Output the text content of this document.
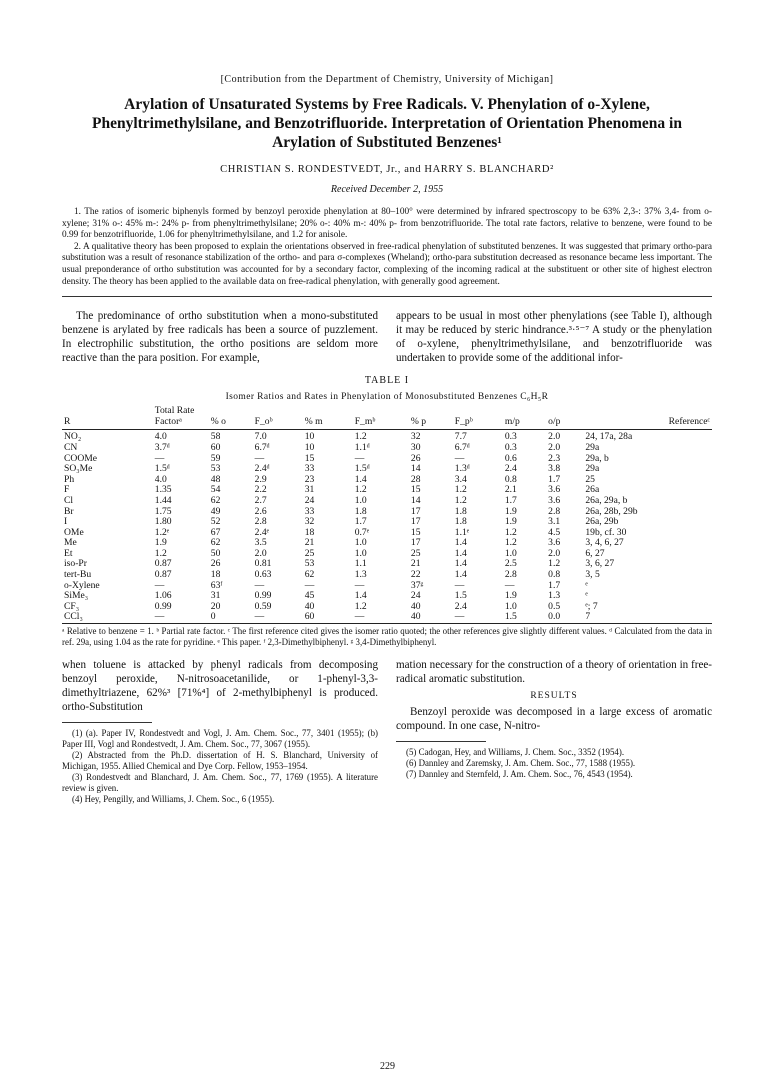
[Contribution from the Department of Chemistry, University of Michigan]
Arylation of Unsaturated Systems by Free Radicals. V. Phenylation of o-Xylene, Phenyltrimethylsilane, and Benzotrifluoride. Interpretation of Orientation Phenomena in Arylation of Substituted Benzenes¹
CHRISTIAN S. RONDESTVEDT, Jr., and HARRY S. BLANCHARD²
Received December 2, 1955

1. The ratios of isomeric biphenyls formed by benzoyl peroxide phenylation at 80–100° were determined by infrared spectroscopy to be 63% 2,3-: 37% 3,4- from o-xylene; 31% o-: 45% m-: 24% p- from phenyltrimethylsilane; 20% o-: 40% m-: 40% p- from benzotrifluoride. The total rate factors, relative to benzene, were found to be 0.99 for benzotrifluoride, 1.06 for phenyltrimethylsilane, and 1.2 for anisole.

2. A qualitative theory has been proposed to explain the orientations observed in free-radical phenylation of substituted benzenes. It was suggested that primary ortho-para substitution was a result of resonance stabilization of the ortho- and para σ-complexes (Wheland); ortho-para substitution decreased as resonance became less important. The usual preponderance of ortho substitution was accounted for by a secondary factor, complexing of the incoming radical at the substituent or other site of highest electron density. The theory has been applied to the available data on free-radical phenylation, with generally good agreement.

The predominance of ortho substitution when a mono-substituted benzene is arylated by free radicals has been a source of puzzlement. In electrophilic substitution, the ortho positions are seldom more reactive than the para position. For example,

appears to be usual in most other phenylations (see Table I), although it may be reduced by steric hindrance.³·⁵⁻⁷ A study or the phenylation of o-xylene, phenyltrimethylsilane, and benzotrifluoride was undertaken to provide some of the additional infor-

TABLE I
Isomer Ratios and Rates in Phenylation of Monosubstituted Benzenes C₆H₅R
R	Total Rate Factorᵃ	% o	F_oᵇ	% m	F_mᵇ	% p	F_pᵇ	m/p	o/p	Referenceᶜ
NO₂	4.0	58	7.0	10	1.2	32	7.7	0.3	2.0	24, 17a, 28a
CN	3.7ᵈ	60	6.7ᵈ	10	1.1ᵈ	30	6.7ᵈ	0.3	2.0	29a
COOMe	—	59	—	15	—	26	—	0.6	2.3	29a, b
SO₃Me	1.5ᵈ	53	2.4ᵈ	33	1.5ᵈ	14	1.3ᵈ	2.4	3.8	29a
Ph	4.0	48	2.9	23	1.4	28	3.4	0.8	1.7	25
F	1.35	54	2.2	31	1.2	15	1.2	2.1	3.6	26a
Cl	1.44	62	2.7	24	1.0	14	1.2	1.7	3.6	26a, 29a, b
Br	1.75	49	2.6	33	1.8	17	1.8	1.9	2.8	26a, 28b, 29b
I	1.80	52	2.8	32	1.7	17	1.8	1.9	3.1	26a, 29b
OMe	1.2ᵉ	67	2.4ᵉ	18	0.7ᵉ	15	1.1ᵉ	1.2	4.5	19b, cf. 30
Me	1.9	62	3.5	21	1.0	17	1.4	1.2	3.6	3, 4, 6, 27
Et	1.2	50	2.0	25	1.0	25	1.4	1.0	2.0	6, 27
iso-Pr	0.87	26	0.81	53	1.1	21	1.4	2.5	1.2	3, 6, 27
tert-Bu	0.87	18	0.63	62	1.3	22	1.4	2.8	0.8	3, 5
o-Xylene	—	63ᶠ	—	—	—	37ᵍ	—	—	1.7	ᵉ
SiMe₃	1.06	31	0.99	45	1.4	24	1.5	1.9	1.3	ᵉ
CF₃	0.99	20	0.59	40	1.2	40	2.4	1.0	0.5	ᵉ; 7
CCl₃	—	0	—	60	—	40	—	1.5	0.0	7
ᵃ Relative to benzene = 1. ᵇ Partial rate factor. ᶜ The first reference cited gives the isomer ratio quoted; the other references give slightly different values. ᵈ Calculated from the data in ref. 29a, using 1.04 as the rate for pyridine. ᵉ This paper. ᶠ 2,3-Dimethylbiphenyl. ᵍ 3,4-Dimethylbiphenyl.

when toluene is attacked by phenyl radicals from decomposing benzoyl peroxide, N-nitrosoacetanilide, or 1-phenyl-3,3-dimethyltriazene, 62%³ [71%⁴] of 2-methylbiphenyl is produced. ortho-Substitution

(1) (a). Paper IV, Rondestvedt and Vogl, J. Am. Chem. Soc., 77, 3401 (1955); (b) Paper III, Vogl and Rondestvedt, J. Am. Chem. Soc., 77, 3067 (1955).

(2) Abstracted from the Ph.D. dissertation of H. S. Blanchard, University of Michigan, 1955. Allied Chemical and Dye Corp. Fellow, 1953–1954.

(3) Rondestvedt and Blanchard, J. Am. Chem. Soc., 77, 1769 (1955). A literature review is given.

(4) Hey, Pengilly, and Williams, J. Chem. Soc., 6 (1955).

mation necessary for the construction of a theory of orientation in free-radical aromatic substitution.

RESULTS

Benzoyl peroxide was decomposed in a large excess of aromatic compound. In one case, N-nitro-

(5) Cadogan, Hey, and Williams, J. Chem. Soc., 3352 (1954).

(6) Dannley and Zaremsky, J. Am. Chem. Soc., 77, 1588 (1955).

(7) Dannley and Sternfeld, J. Am. Chem. Soc., 76, 4543 (1954).

229
